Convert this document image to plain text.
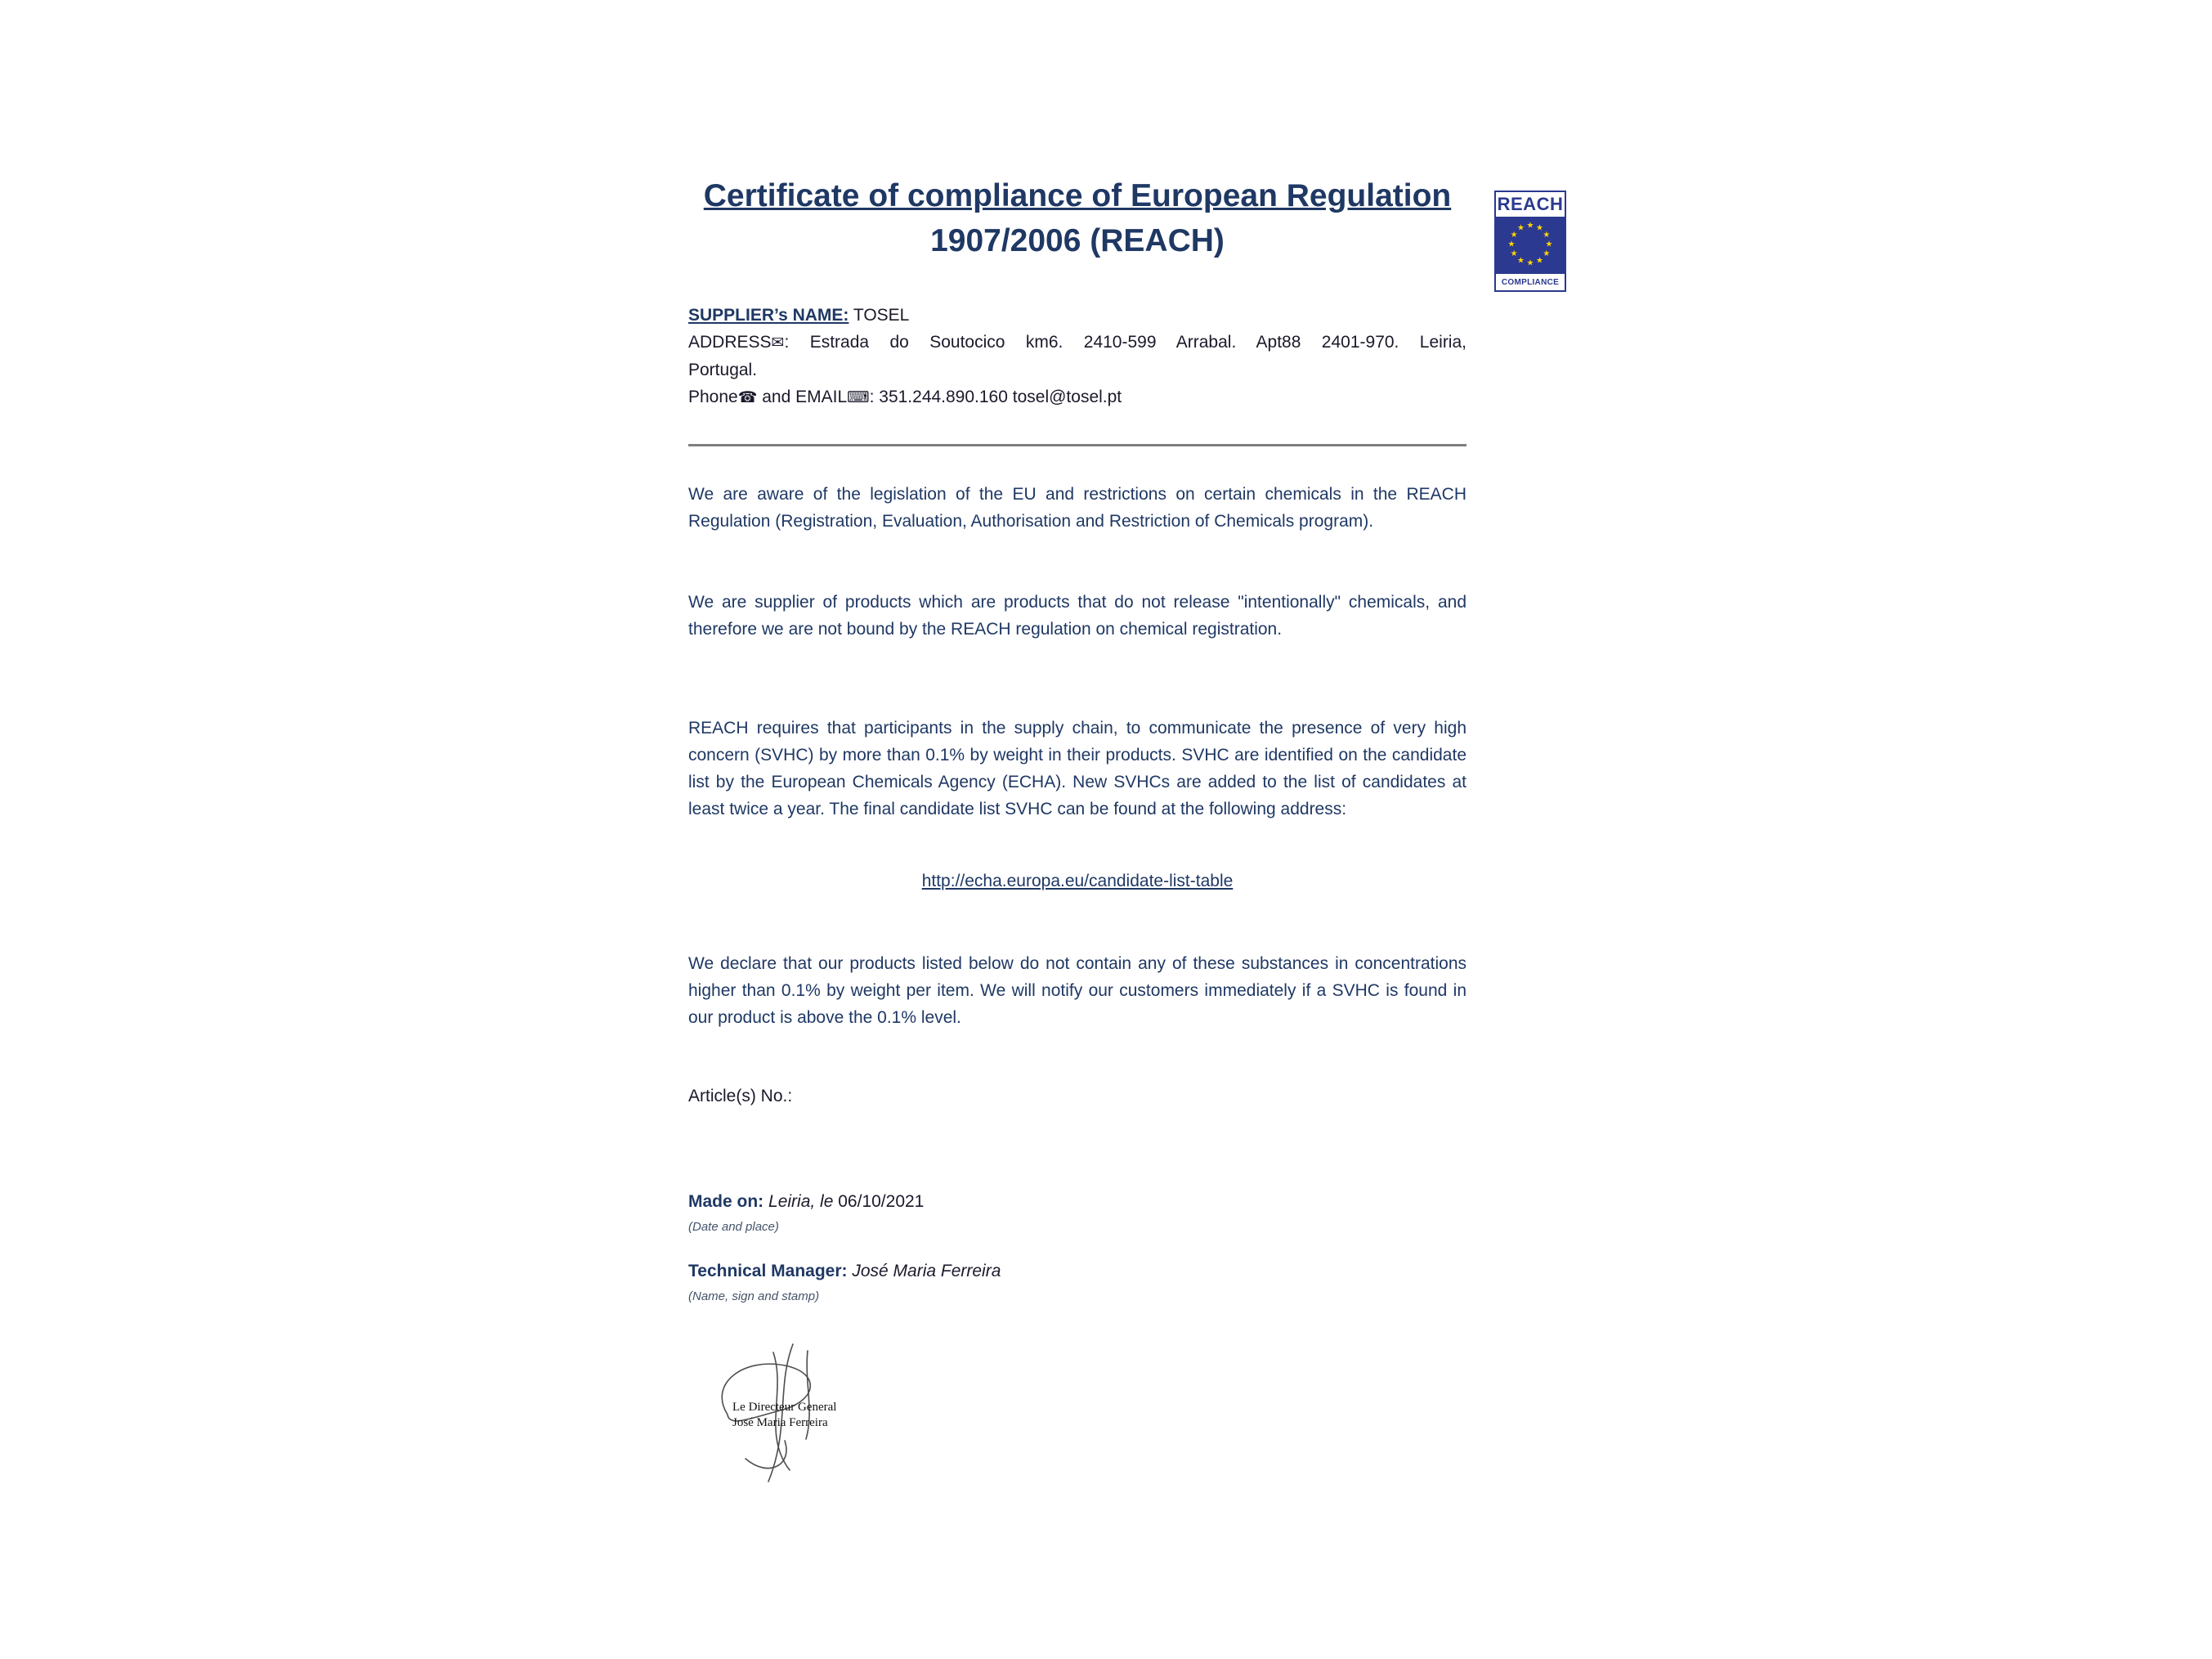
REACH
★ ★
★
★
★
★
★
★
★
★
★
★
COMPLIANCE
Certificate of compliance of European Regulation
1907/2006 (REACH)

SUPPLIER’s NAME: TOSEL

ADDRESS✉: Estrada do Soutocico km6. 2410-599 Arrabal. Apt88 2401-970. Leiria,
Portugal.

Phone☎ and EMAIL⌨: 351.244.890.160 tosel@tosel.pt

We are aware of the legislation of the EU and restrictions on certain chemicals in the REACH Regulation (Registration, Evaluation, Authorisation and Restriction of Chemicals program).

We are supplier of products which are products that do not release "intentionally" chemicals, and therefore we are not bound by the REACH regulation on chemical registration.

REACH requires that participants in the supply chain, to communicate the presence of very high concern (SVHC) by more than 0.1% by weight in their products. SVHC are identified on the candidate list by the European Chemicals Agency (ECHA). New SVHCs are added to the list of candidates at least twice a year. The final candidate list SVHC can be found at the following address:

http://echa.europa.eu/candidate-list-table

We declare that our products listed below do not contain any of these substances in concentrations higher than 0.1% by weight per item. We will notify our customers immediately if a SVHC is found in our product is above the 0.1% level.

Article(s) No.:

Made on: Leiria, le 06/10/2021

(Date and place)

Technical Manager: José Maria Ferreira

(Name, sign and stamp)

Le Directeur General
José Maria Ferreira
